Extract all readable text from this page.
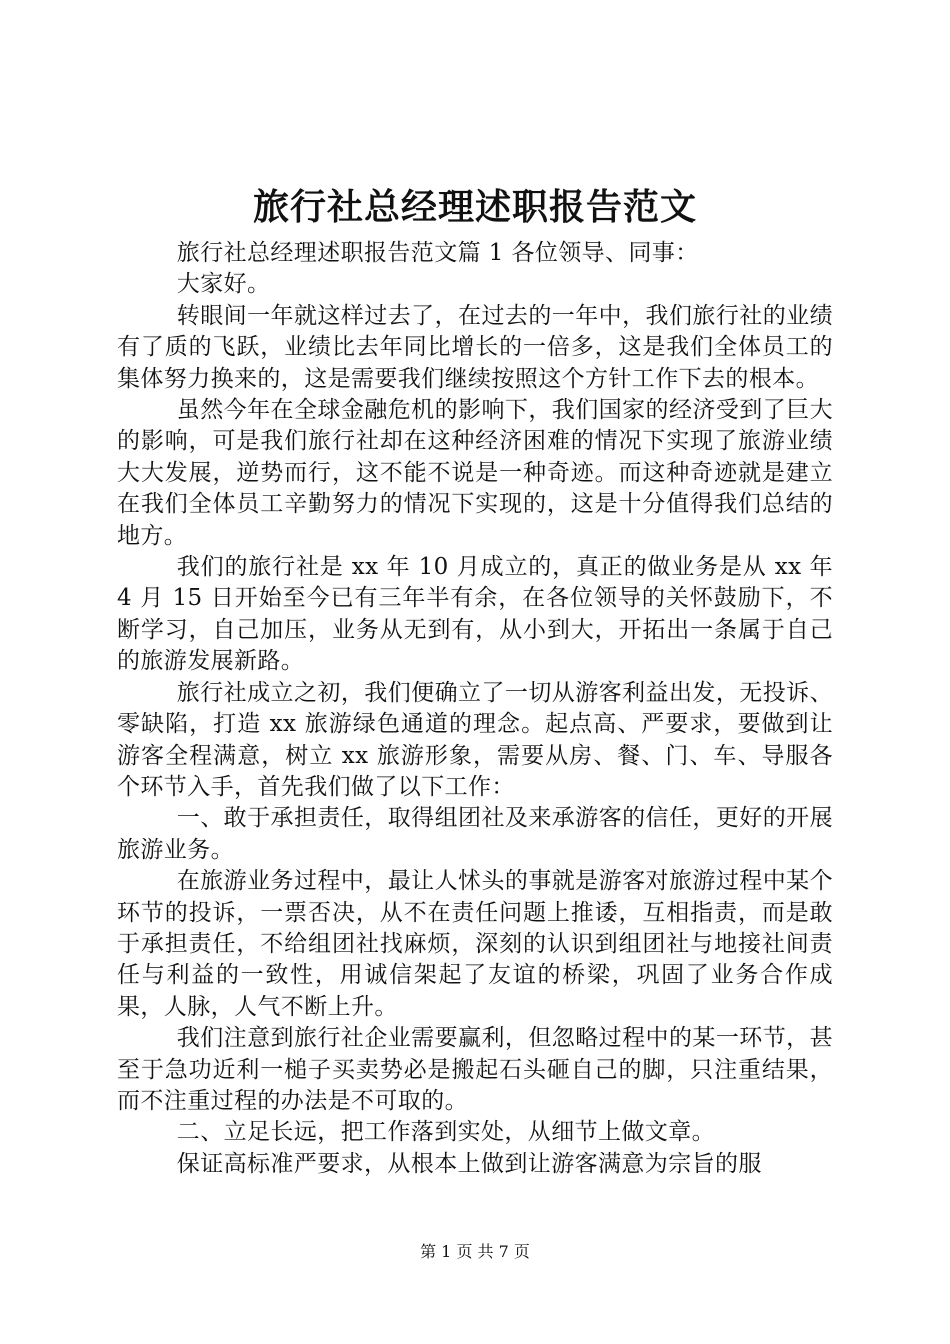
旅行社总经理述职报告范文

旅行社总经理述职报告范文篇 1 各位领导、同事：

大家好。

转眼间一年就这样过去了，在过去的一年中，我们旅行社的业绩有了质的飞跃，业绩比去年同比增长的一倍多，这是我们全体员工的集体努力换来的，这是需要我们继续按照这个方针工作下去的根本。

虽然今年在全球金融危机的影响下，我们国家的经济受到了巨大的影响，可是我们旅行社却在这种经济困难的情况下实现了旅游业绩大大发展，逆势而行，这不能不说是一种奇迹。而这种奇迹就是建立在我们全体员工辛勤努力的情况下实现的，这是十分值得我们总结的地方。

我们的旅行社是 xx 年 10 月成立的，真正的做业务是从 xx 年 4 月 15 日开始至今已有三年半有余，在各位领导的关怀鼓励下，不断学习，自己加压，业务从无到有，从小到大，开拓出一条属于自己的旅游发展新路。

旅行社成立之初，我们便确立了一切从游客利益出发，无投诉、零缺陷，打造 xx 旅游绿色通道的理念。起点高、严要求，要做到让游客全程满意，树立 xx 旅游形象，需要从房、餐、门、车、导服各个环节入手，首先我们做了以下工作：

一、敢于承担责任，取得组团社及来承游客的信任，更好的开展旅游业务。

在旅游业务过程中，最让人怵头的事就是游客对旅游过程中某个环节的投诉，一票否决，从不在责任问题上推诿，互相指责，而是敢于承担责任，不给组团社找麻烦，深刻的认识到组团社与地接社间责任与利益的一致性，用诚信架起了友谊的桥梁，巩固了业务合作成果，人脉，人气不断上升。

我们注意到旅行社企业需要赢利，但忽略过程中的某一环节，甚至于急功近利一槌子买卖势必是搬起石头砸自己的脚，只注重结果，而不注重过程的办法是不可取的。

二、立足长远，把工作落到实处，从细节上做文章。

保证高标准严要求，从根本上做到让游客满意为宗旨的服

第 1 页 共 7 页
